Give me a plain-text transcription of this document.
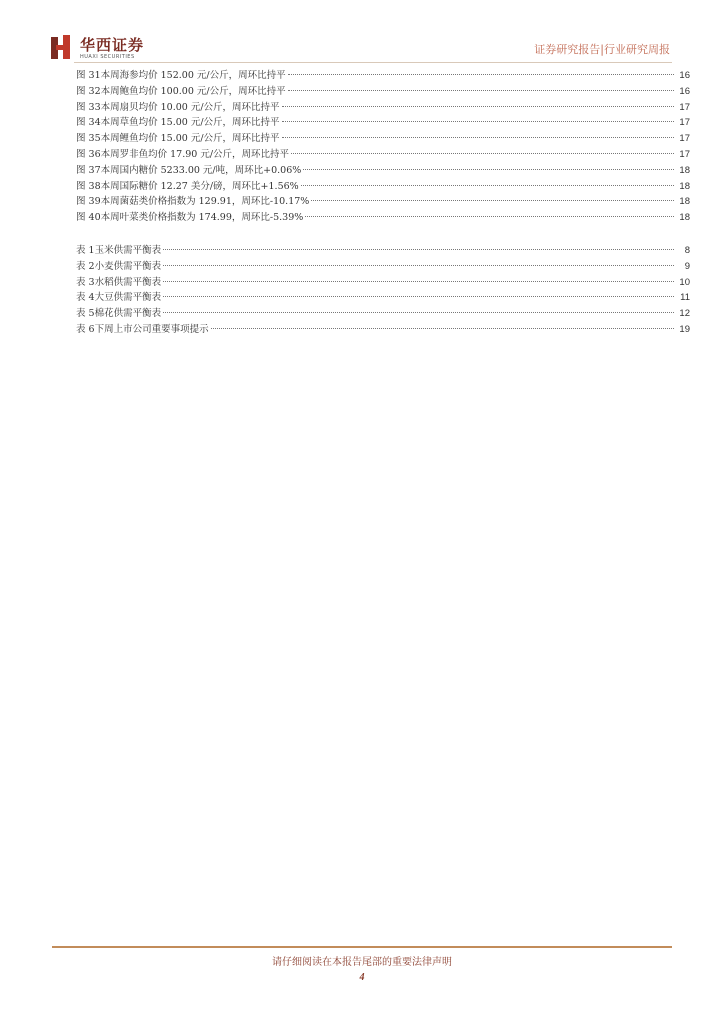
华西证券
HUAXI SECURITIES
证券研究报告|行业研究周报
图 31 本周海参均价 152.00 元/公斤，周环比持平	16
图 32 本周鲍鱼均价 100.00 元/公斤，周环比持平	16
图 33 本周扇贝均价 10.00 元/公斤，周环比持平	17
图 34 本周草鱼均价 15.00 元/公斤，周环比持平	17
图 35 本周鲤鱼均价 15.00 元/公斤，周环比持平	17
图 36 本周罗非鱼均价 17.90 元/公斤，周环比持平	17
图 37 本周国内糖价 5233.00 元/吨，周环比+0.06%	18
图 38 本周国际糖价 12.27 美分/磅，周环比+1.56%	18
图 39 本周菌菇类价格指数为 129.91，周环比-10.17%	18
图 40 本周叶菜类价格指数为 174.99，周环比-5.39%	18
表 1 玉米供需平衡表	8
表 2 小麦供需平衡表	9
表 3 水稻供需平衡表	10
表 4 大豆供需平衡表	11
表 5 棉花供需平衡表	12
表 6 下周上市公司重要事项提示	19
请仔细阅读在本报告尾部的重要法律声明
4
